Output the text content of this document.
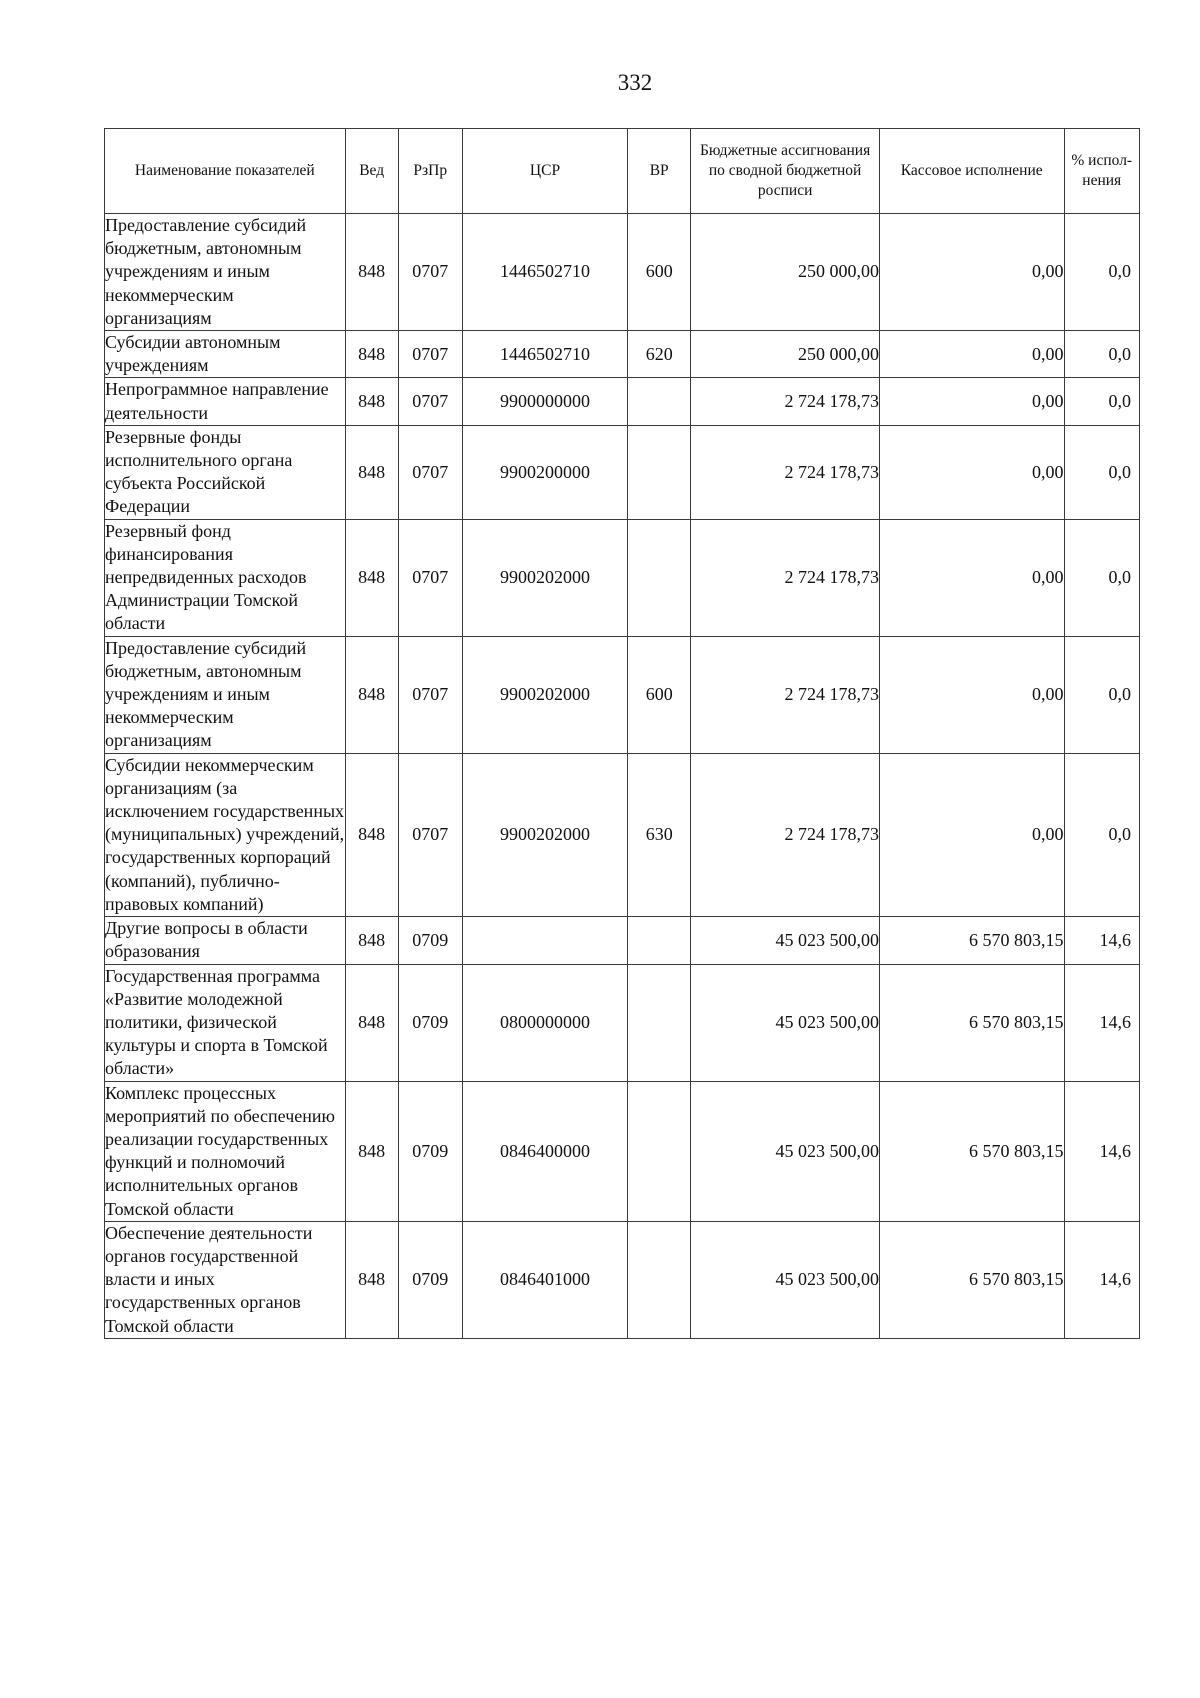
332
Наименование показателей	Вед	РзПр	ЦСР	ВР	Бюджетные ассигнования по сводной бюджетной росписи	Кассовое исполнение	% испол-нения
Предоставление субсидий бюджетным, автономным учреждениям и иным некоммерческим организациям	848	0707	1446502710	600	250 000,00	0,00	0,0
Субсидии автономным учреждениям	848	0707	1446502710	620	250 000,00	0,00	0,0
Непрограммное направление деятельности	848	0707	9900000000		2 724 178,73	0,00	0,0
Резервные фонды исполнительного органа субъекта Российской Федерации	848	0707	9900200000		2 724 178,73	0,00	0,0
Резервный фонд финансирования непредвиденных расходов Администрации Томской области	848	0707	9900202000		2 724 178,73	0,00	0,0
Предоставление субсидий бюджетным, автономным учреждениям и иным некоммерческим организациям	848	0707	9900202000	600	2 724 178,73	0,00	0,0
Субсидии некоммерческим организациям (за исключением государственных (муниципальных) учреждений, государственных корпораций (компаний), публично-правовых компаний)	848	0707	9900202000	630	2 724 178,73	0,00	0,0
Другие вопросы в области образования	848	0709			45 023 500,00	6 570 803,15	14,6
Государственная программа «Развитие молодежной политики, физической культуры и спорта в Томской области»	848	0709	0800000000		45 023 500,00	6 570 803,15	14,6
Комплекс процессных мероприятий по обеспечению реализации государственных функций и полномочий исполнительных органов Томской области	848	0709	0846400000		45 023 500,00	6 570 803,15	14,6
Обеспечение деятельности органов государственной власти и иных государственных органов Томской области	848	0709	0846401000		45 023 500,00	6 570 803,15	14,6
